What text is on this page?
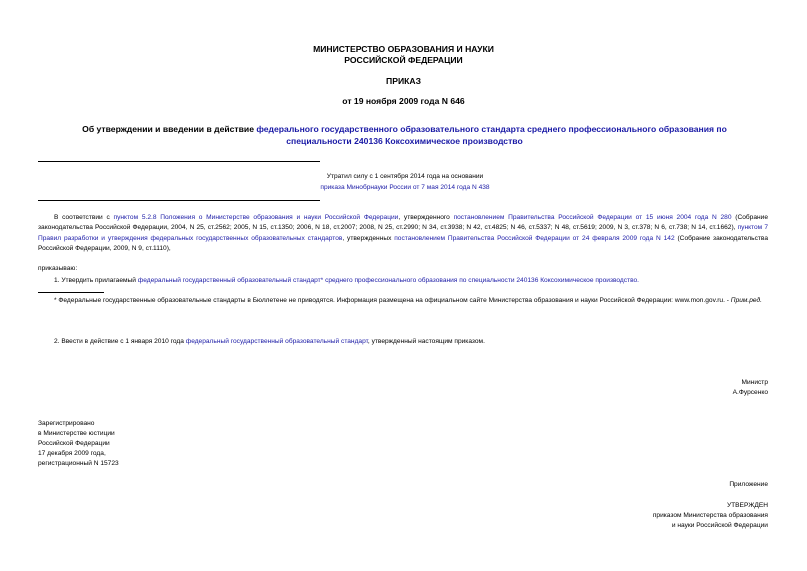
МИНИСТЕРСТВО ОБРАЗОВАНИЯ И НАУКИ
РОССИЙСКОЙ ФЕДЕРАЦИИ
ПРИКАЗ
от 19 ноября 2009 года N 646
Об утверждении и введении в действие федерального государственного образовательного стандарта среднего профессионального образования по специальности 240136 Коксохимическое производство
Утратил силу с 1 сентября 2014 года на основании
приказа Минобрнауки России от 7 мая 2014 года N 438
В соответствии с пунктом 5.2.8 Положения о Министерстве образования и науки Российской Федерации, утвержденного постановлением Правительства Российской Федерации от 15 июня 2004 года N 280 (Собрание законодательства Российской Федерации, 2004, N 25, ст.2562; 2005, N 15, ст.1350; 2006, N 18, ст.2007; 2008, N 25, ст.2990; N 34, ст.3938; N 42, ст.4825; N 46, ст.5337; N 48, ст.5619; 2009, N 3, ст.378; N 6, ст.738; N 14, ст.1662), пунктом 7 Правил разработки и утверждения федеральных государственных образовательных стандартов, утвержденных постановлением Правительства Российской Федерации от 24 февраля 2009 года N 142 (Собрание законодательства Российской Федерации, 2009, N 9, ст.1110),
приказываю:
1. Утвердить прилагаемый федеральный государственный образовательный стандарт* среднего профессионального образования по специальности 240136 Коксохимическое производство.
* Федеральные государственные образовательные стандарты в Бюллетене не приводятся. Информация размещена на официальном сайте Министерства образования и науки Российской Федерации: www.mon.gov.ru. - Прим.ред.
2. Ввести в действие с 1 января 2010 года федеральный государственный образовательный стандарт, утвержденный настоящим приказом.
Министр
А.Фурсенко
Зарегистрировано
в Министерстве юстиции
Российской Федерации
17 декабря 2009 года,
регистрационный N 15723
Приложение
УТВЕРЖДЕН
приказом Министерства образования
и науки Российской Федерации
